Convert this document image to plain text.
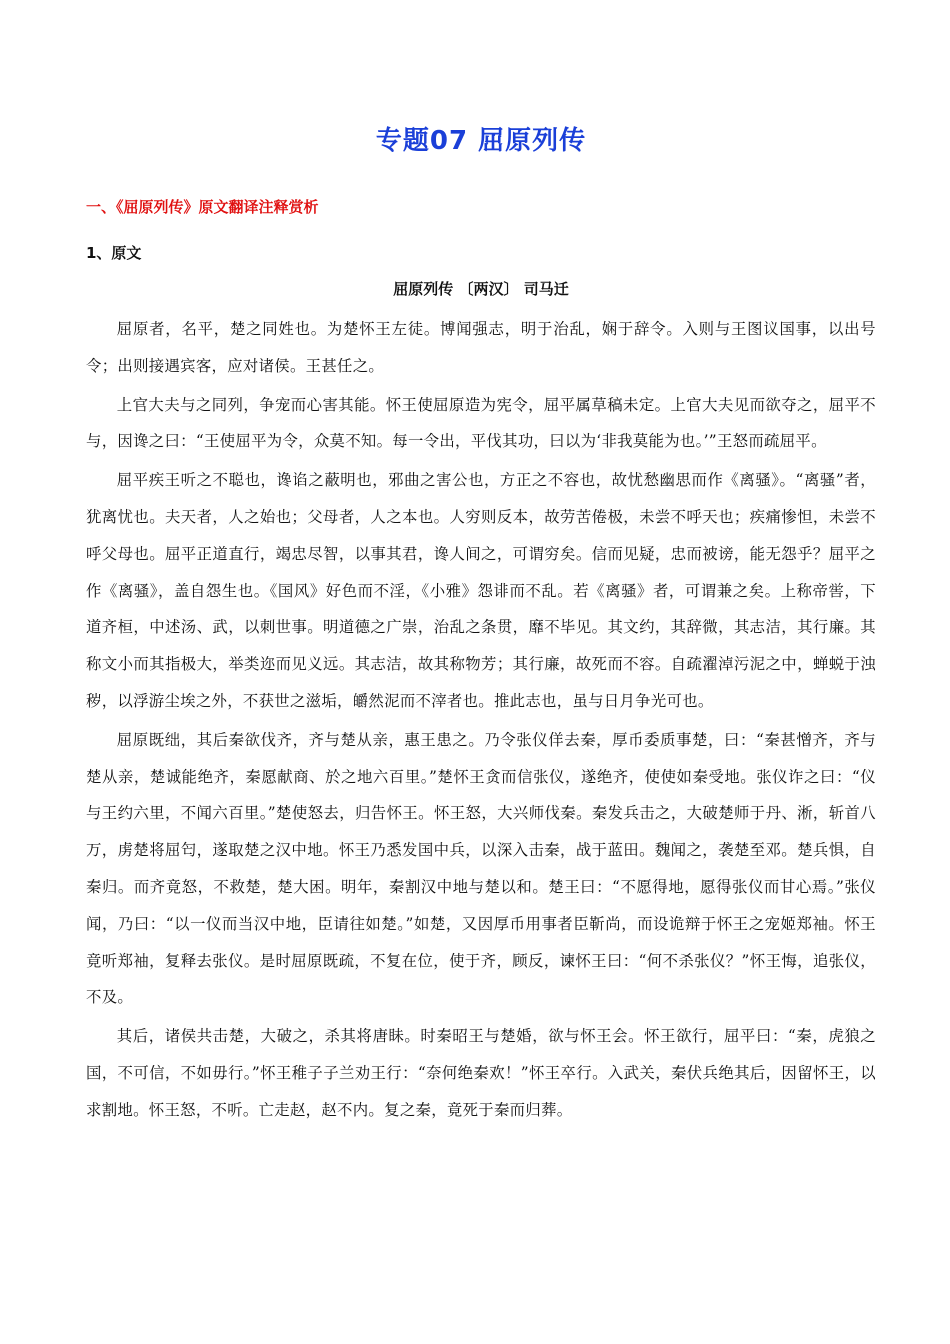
专题07 屈原列传
一、《屈原列传》原文翻译注释赏析
1、原文
屈原列传 〔两汉〕 司马迁

屈原者，名平，楚之同姓也。为楚怀王左徒。博闻强志，明于治乱，娴于辞令。入则与王图议国事，以出号令；出则接遇宾客，应对诸侯。王甚任之。

上官大夫与之同列，争宠而心害其能。怀王使屈原造为宪令，屈平属草稿未定。上官大夫见而欲夺之，屈平不与，因谗之曰：“王使屈平为令，众莫不知。每一令出，平伐其功，曰以为‘非我莫能为也。’”王怒而疏屈平。

屈平疾王听之不聪也，谗谄之蔽明也，邪曲之害公也，方正之不容也，故忧愁幽思而作《离骚》。“离骚”者，犹离忧也。夫天者，人之始也；父母者，人之本也。人穷则反本，故劳苦倦极，未尝不呼天也；疾痛惨怛，未尝不呼父母也。屈平正道直行，竭忠尽智，以事其君，谗人间之，可谓穷矣。信而见疑，忠而被谤，能无怨乎？屈平之作《离骚》，盖自怨生也。《国风》好色而不淫，《小雅》怨诽而不乱。若《离骚》者，可谓兼之矣。上称帝喾，下道齐桓，中述汤、武，以刺世事。明道德之广崇，治乱之条贯，靡不毕见。其文约，其辞微，其志洁，其行廉。其称文小而其指极大，举类迩而见义远。其志洁，故其称物芳；其行廉，故死而不容。自疏濯淖污泥之中，蝉蜕于浊秽，以浮游尘埃之外，不获世之滋垢，皭然泥而不滓者也。推此志也，虽与日月争光可也。

屈原既绌，其后秦欲伐齐，齐与楚从亲，惠王患之。乃令张仪佯去秦，厚币委质事楚，曰：“秦甚憎齐，齐与楚从亲，楚诚能绝齐，秦愿献商、於之地六百里。”楚怀王贪而信张仪，遂绝齐，使使如秦受地。张仪诈之曰：“仪与王约六里，不闻六百里。”楚使怒去，归告怀王。怀王怒，大兴师伐秦。秦发兵击之，大破楚师于丹、淅，斩首八万，虏楚将屈匄，遂取楚之汉中地。怀王乃悉发国中兵，以深入击秦，战于蓝田。魏闻之，袭楚至邓。楚兵惧，自秦归。而齐竟怒，不救楚，楚大困。明年，秦割汉中地与楚以和。楚王曰：“不愿得地，愿得张仪而甘心焉。”张仪闻，乃曰：“以一仪而当汉中地，臣请往如楚。”如楚，又因厚币用事者臣靳尚，而设诡辩于怀王之宠姬郑袖。怀王竟听郑袖，复释去张仪。是时屈原既疏，不复在位，使于齐，顾反，谏怀王曰：“何不杀张仪？”怀王悔，追张仪，不及。

其后，诸侯共击楚，大破之，杀其将唐眛。时秦昭王与楚婚，欲与怀王会。怀王欲行，屈平曰：“秦，虎狼之国，不可信，不如毋行。”怀王稚子子兰劝王行：“奈何绝秦欢！”怀王卒行。入武关，秦伏兵绝其后，因留怀王，以求割地。怀王怒，不听。亡走赵，赵不内。复之秦，竟死于秦而归葬。
